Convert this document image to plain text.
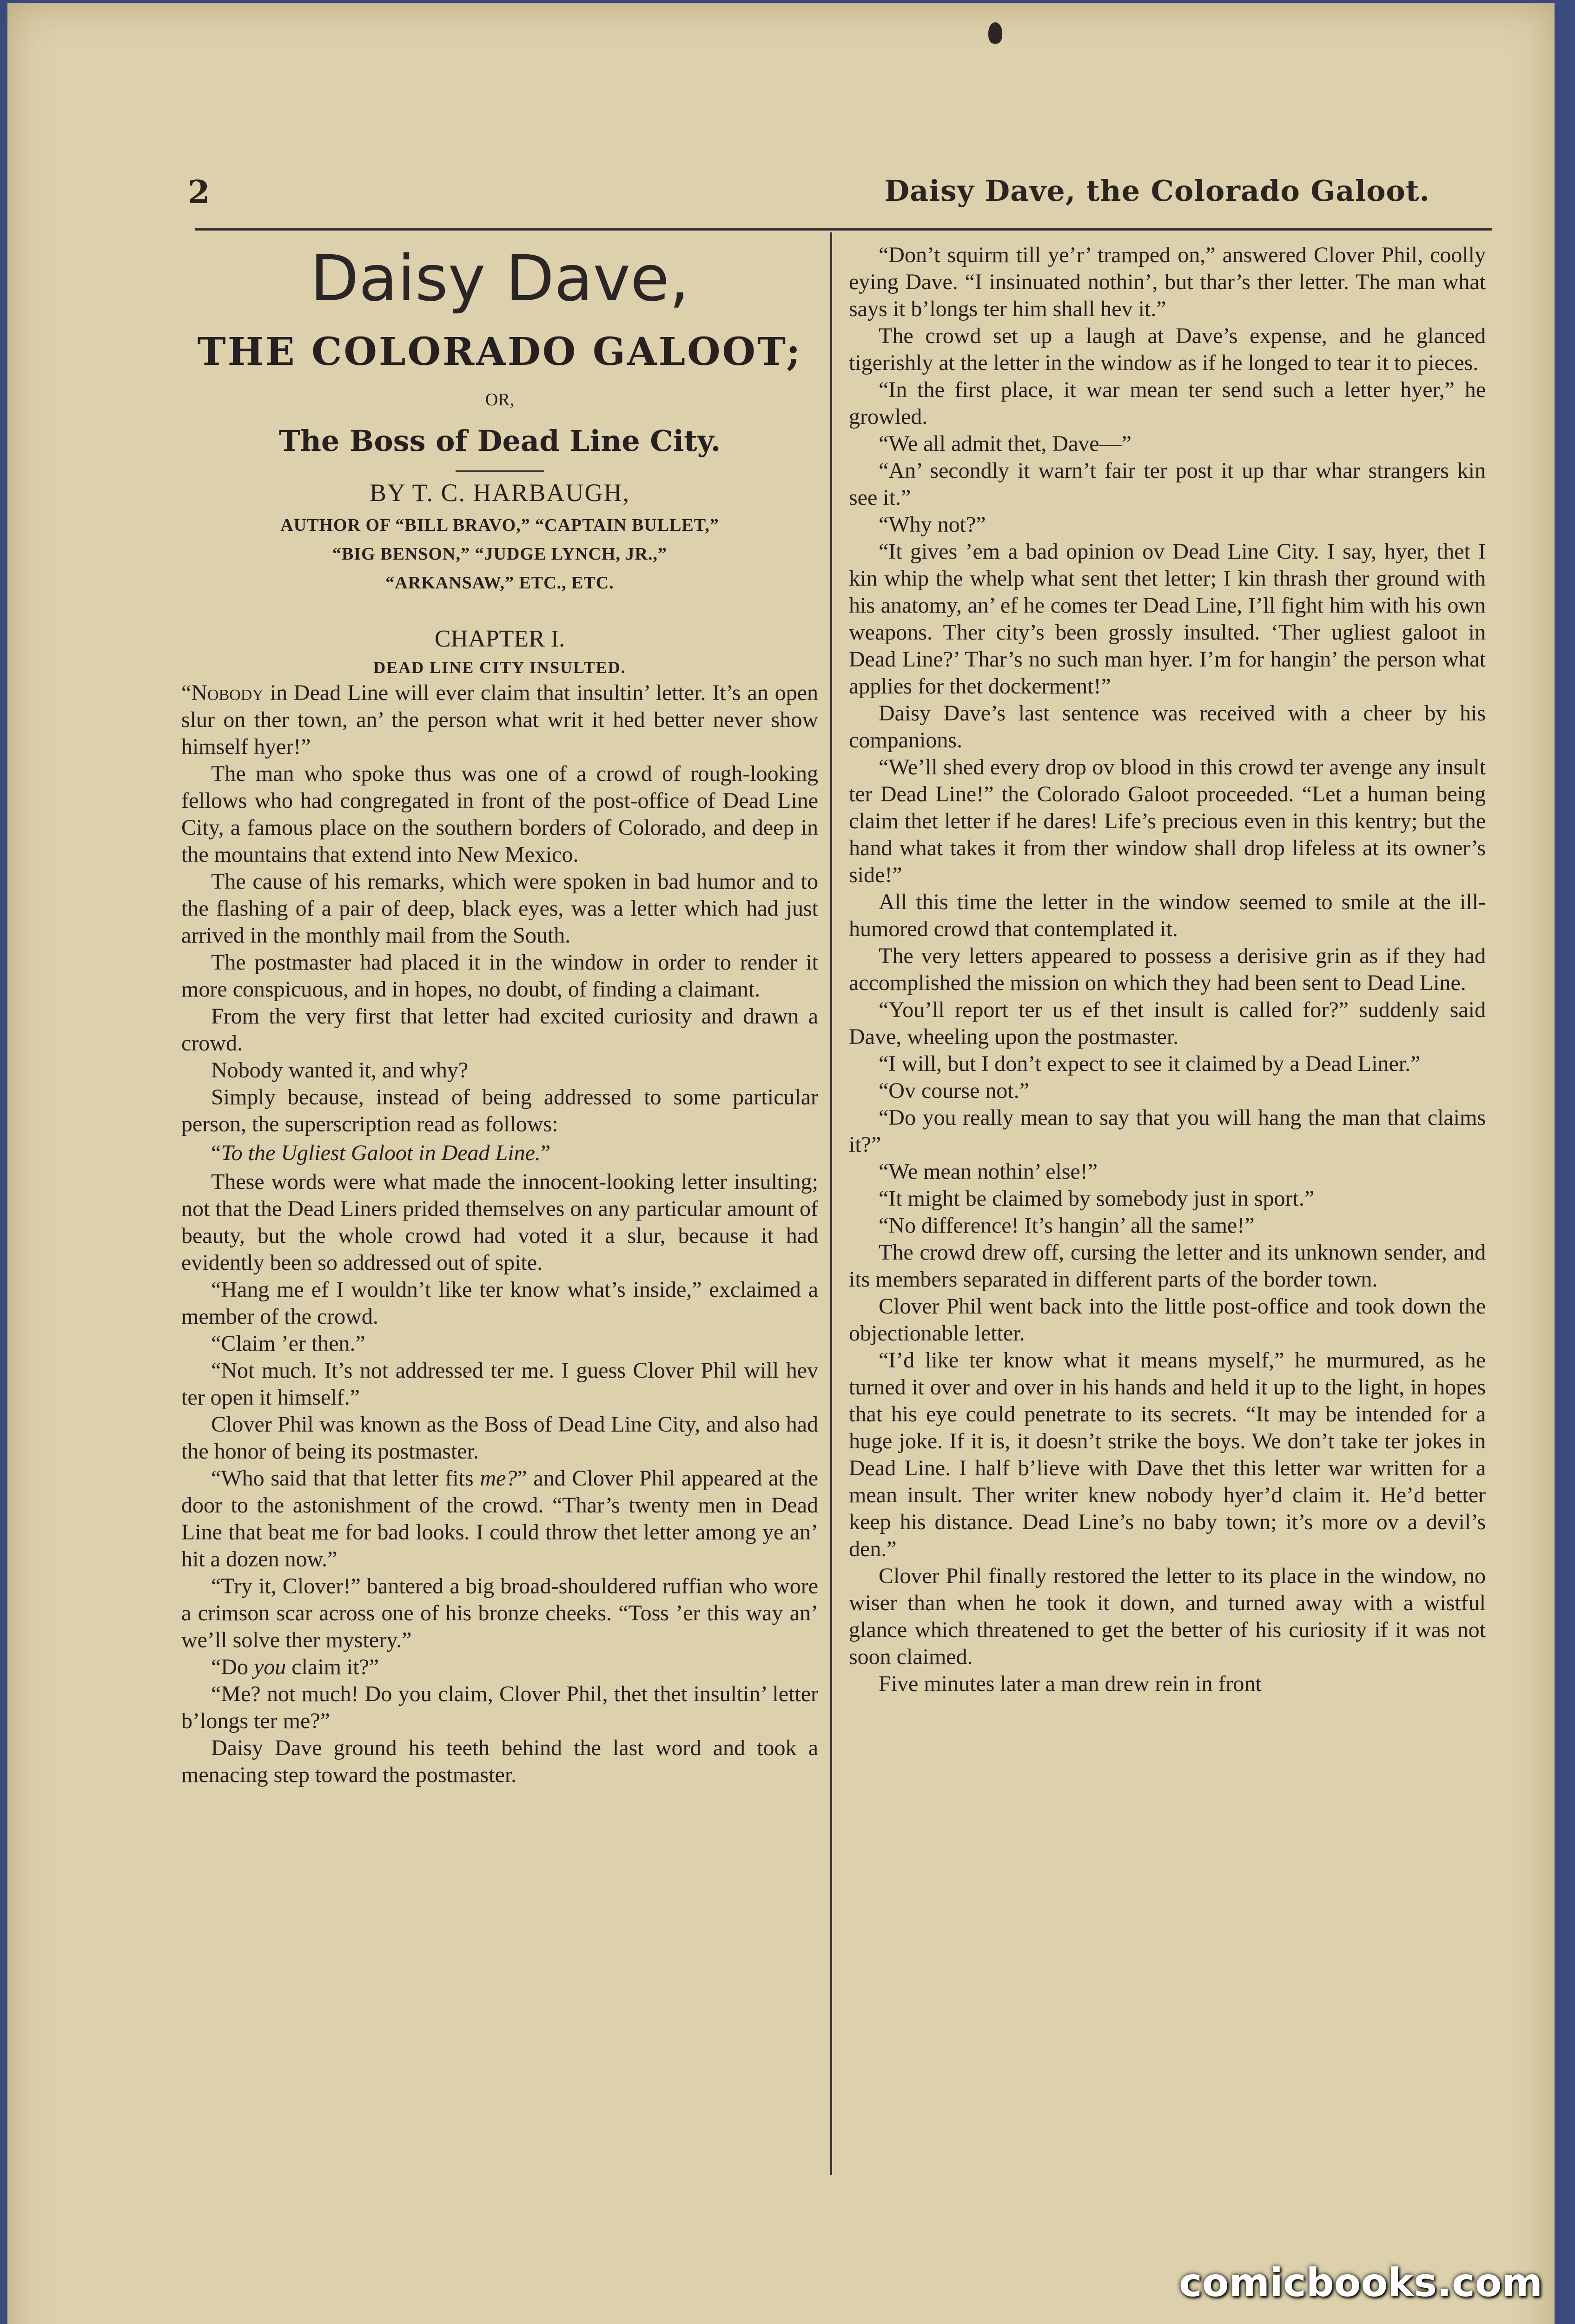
2	Daisy Dave, the Colorado Galoot.
Daisy Dave,
THE COLORADO GALOOT;
OR,
The Boss of Dead Line City.
BY T. C. HARBAUGH,
AUTHOR OF “BILL BRAVO,” “CAPTAIN BULLET,”
“BIG BENSON,” “JUDGE LYNCH, JR.,”
“ARKANSAW,” ETC., ETC.
CHAPTER I.
DEAD LINE CITY INSULTED.

“Nobody in Dead Line will ever claim that insultin’ letter. It’s an open slur on ther town, an’ the person what writ it hed better never show himself hyer!”

The man who spoke thus was one of a crowd of rough-looking fellows who had congregated in front of the post-office of Dead Line City, a famous place on the southern borders of Colorado, and deep in the mountains that extend into New Mexico.

The cause of his remarks, which were spoken in bad humor and to the flashing of a pair of deep, black eyes, was a letter which had just arrived in the monthly mail from the South.

The postmaster had placed it in the window in order to render it more conspicuous, and in hopes, no doubt, of finding a claimant.

From the very first that letter had excited curiosity and drawn a crowd.

Nobody wanted it, and why?

Simply because, instead of being addressed to some particular person, the superscription read as follows:

“To the Ugliest Galoot in Dead Line.”

These words were what made the innocent-looking letter insulting; not that the Dead Liners prided themselves on any particular amount of beauty, but the whole crowd had voted it a slur, because it had evidently been so addressed out of spite.

“Hang me ef I wouldn’t like ter know what’s inside,” exclaimed a member of the crowd.

“Claim ’er then.”

“Not much. It’s not addressed ter me. I guess Clover Phil will hev ter open it himself.”

Clover Phil was known as the Boss of Dead Line City, and also had the honor of being its postmaster.

“Who said that that letter fits me?” and Clover Phil appeared at the door to the astonishment of the crowd. “Thar’s twenty men in Dead Line that beat me for bad looks. I could throw thet letter among ye an’ hit a dozen now.”

“Try it, Clover!” bantered a big broad-shouldered ruffian who wore a crimson scar across one of his bronze cheeks. “Toss ’er this way an’ we’ll solve ther mystery.”

“Do you claim it?”

“Me? not much! Do you claim, Clover Phil, thet thet insultin’ letter b’longs ter me?”

Daisy Dave ground his teeth behind the last word and took a menacing step toward the postmaster.

“Don’t squirm till ye’r’ tramped on,” answered Clover Phil, coolly eying Dave. “I insinuated nothin’, but thar’s ther letter. The man what says it b’longs ter him shall hev it.”

The crowd set up a laugh at Dave’s expense, and he glanced tigerishly at the letter in the window as if he longed to tear it to pieces.

“In the first place, it war mean ter send such a letter hyer,” he growled.

“We all admit thet, Dave—”

“An’ secondly it warn’t fair ter post it up thar whar strangers kin see it.”

“Why not?”

“It gives ’em a bad opinion ov Dead Line City. I say, hyer, thet I kin whip the whelp what sent thet letter; I kin thrash ther ground with his anatomy, an’ ef he comes ter Dead Line, I’ll fight him with his own weapons. Ther city’s been grossly insulted. ‘Ther ugliest galoot in Dead Line?’ Thar’s no such man hyer. I’m for hangin’ the person what applies for thet dockerment!”

Daisy Dave’s last sentence was received with a cheer by his companions.

“We’ll shed every drop ov blood in this crowd ter avenge any insult ter Dead Line!” the Colorado Galoot proceeded. “Let a human being claim thet letter if he dares! Life’s precious even in this kentry; but the hand what takes it from ther window shall drop lifeless at its owner’s side!”

All this time the letter in the window seemed to smile at the ill-humored crowd that contemplated it.

The very letters appeared to possess a derisive grin as if they had accomplished the mission on which they had been sent to Dead Line.

“You’ll report ter us ef thet insult is called for?” suddenly said Dave, wheeling upon the postmaster.

“I will, but I don’t expect to see it claimed by a Dead Liner.”

“Ov course not.”

“Do you really mean to say that you will hang the man that claims it?”

“We mean nothin’ else!”

“It might be claimed by somebody just in sport.”

“No difference! It’s hangin’ all the same!”

The crowd drew off, cursing the letter and its unknown sender, and its members separated in different parts of the border town.

Clover Phil went back into the little post-office and took down the objectionable letter.

“I’d like ter know what it means myself,” he murmured, as he turned it over and over in his hands and held it up to the light, in hopes that his eye could penetrate to its secrets. “It may be intended for a huge joke. If it is, it doesn’t strike the boys. We don’t take ter jokes in Dead Line. I half b’lieve with Dave thet this letter war written for a mean insult. Ther writer knew nobody hyer’d claim it. He’d better keep his distance. Dead Line’s no baby town; it’s more ov a devil’s den.”

Clover Phil finally restored the letter to its place in the window, no wiser than when he took it down, and turned away with a wistful glance which threatened to get the better of his curiosity if it was not soon claimed.

Five minutes later a man drew rein in front

comicbooks.com
